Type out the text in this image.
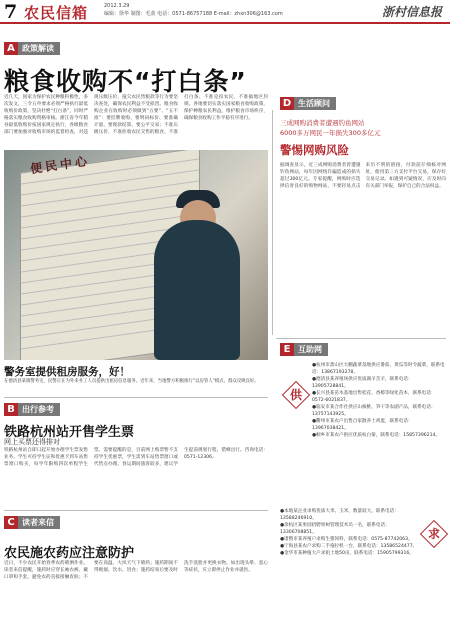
7 农民信箱	2012.3.29
编辑：徐华 制图：毛蓝 电话：0571-86757188 E-mail：zhxn306@163.com	浙村信息报
A 政策解读
粮食收购不“打白条”
近几天，国家为保护农民种粮积极性，多次发文，三令五申要求必须严格执行最低收购价政策，坚决杜绝“打白条”，同时严格落实粮食收购资格审核。浙江省今年稻谷最低收购价按国家规定执行，各级粮食部门要加强对收购市场的监督检查，对违规压级压价、拖欠农民售粮款等行为要坚决查处，确保农民利益不受损害。粮食收购企业在收购时必须做到“五要”、“五不准”：要挂牌收购、要明码标价、要准确计量、要现款结算、要公平交易；不准压级压价、不准拒收农民交售的粮食、不准打白条、不准克扣农民、不准搞地区封锁。各地要切实落实国家粮食收购政策，保护种粮农民利益，维护粮食市场秩序，确保粮食收购工作平稳有序进行。
便民中心
警务室提供租房服务，好！
在德清县某镇警务室，民警正在为外来务工人员提供出租房信息服务。近年来，当地警方积极推行“以房管人”模式，群众反映良好。
B 出行参考
铁路杭州站开售学生票
网上买票还得排对
铁路杭州站自即日起开始办理学生票发售业务。学生可持学生证和优惠卡到车站售票窗口购买，每学年限购四次单程学生票。需要提醒的是，目前网上购票暂不支持学生优惠票，学生需到车站售票窗口或代售点办理。春运期间旅客较多，建议学生提前规划行程，错峰出行。咨询电话：0571-12306。
C 读者来信
农民施农药应注意防护
近日，不少农民开始春季农药喷洒作业。读者来信提醒，施药时应穿长袖衣裤，戴口罩和手套，避免农药直接接触皮肤；不要在高温、大风天气下喷药；施药期间不得吸烟、饮水、进食；施药结束后要及时洗手洗脸并更换衣物。如出现头晕、恶心等症状，应立即停止作业并就医。
D 生活顾问
三成网购消费者遭遇钓鱼网站
6000多万网民一年损失300多亿元
警惕网购风险
据调查显示，近三成网购消费者曾遭遇钓鱼网站，每年因网络诈骗造成的损失超过300亿元。专家提醒，网购时应选择信誉良好的购物网站，不要轻易点击来历不明的链接，付款前仔细核对网址，使用第三方支付平台交易，保存好交易记录。如遇到可疑情况，应及时向有关部门举报，保护自己的合法权益。
E 互助网
供
●杭州市萧山区大棚蔬菜基地供应番茄、黄瓜等时令蔬菜，联系电话：13867193278。
●德清县某养殖场供应优质湖羊羔羊，联系电话：13905728841。
●长兴县某苗木基地出售桂花、香樟等绿化苗木，联系电话：0572-6021837。
●临安市某合作社供应山核桃、笋干等农副产品，联系电话：13757143925。
●衢州市某农户出售自家散养土鸡蛋，联系电话：13967038421。
●桐乡市某农户供应优质杭白菊，联系电话：15857396214。
求
●本地某企业求购优质大米、玉米，数量较大，联系电话：13588246910。
●余杭区某果园招聘果树管理技术员一名，联系电话：13306708851。
●诸暨市某养殖户求购生猪饲料，联系电话：0575-87742063。
●宁海县某农户求购二手拖拉机一台，联系电话：13586524477。
●金华市某种植大户求租土地50亩，联系电话：15905799316。
